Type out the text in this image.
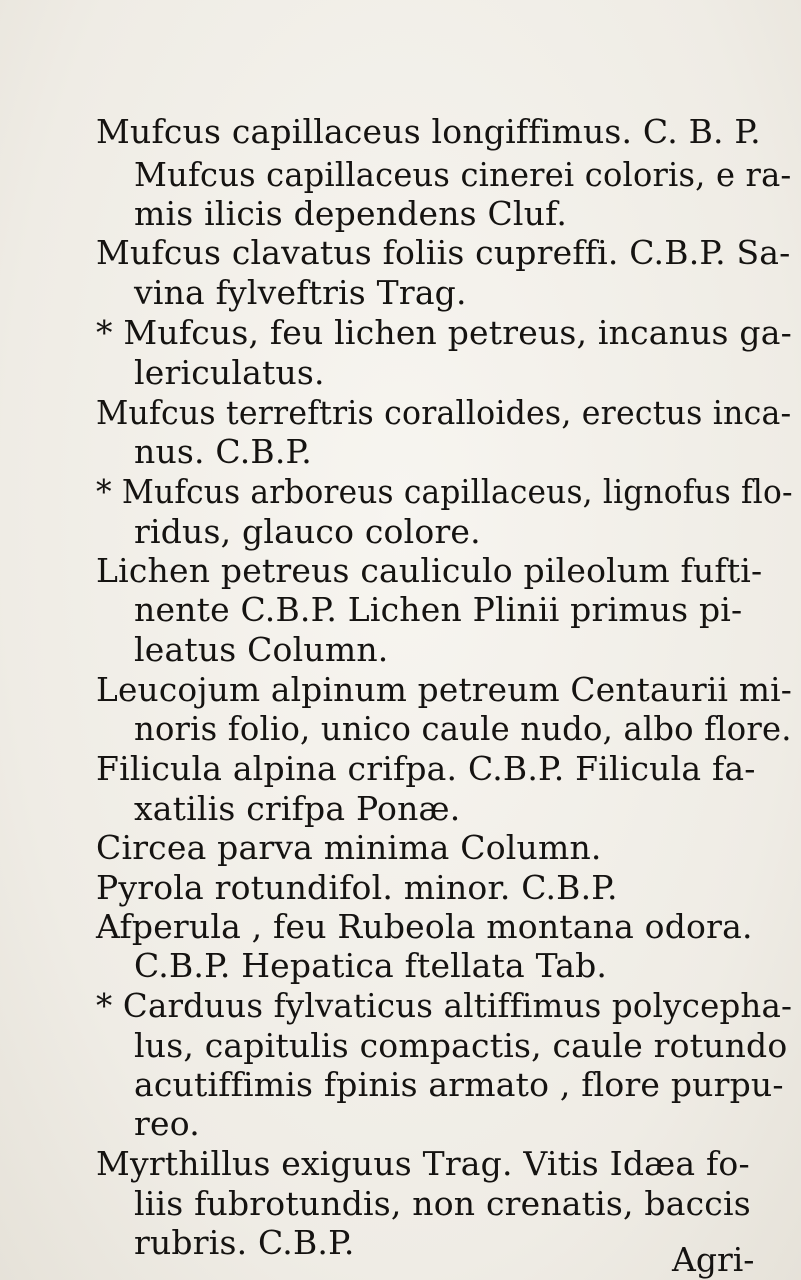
Mufcus capillaceus longiffimus. C. B. P.
Mufcus capillaceus cinerei coloris, e ra-
mis ilicis dependens Cluf.
Mufcus clavatus foliis cupreffi. C.B.P. Sa-
vina fylveftris Trag.
* Mufcus, feu lichen petreus, incanus ga-
lericulatus.
Mufcus terreftris coralloides, erectus inca-
nus. C.B.P.
* Mufcus arboreus capillaceus, lignofus flo-
ridus, glauco colore.
Lichen petreus cauliculo pileolum fufti-
nente C.B.P. Lichen Plinii primus pi-
leatus Column.
Leucojum alpinum petreum Centaurii mi-
noris folio, unico caule nudo, albo flore.
Filicula alpina crifpa. C.B.P. Filicula fa-
xatilis crifpa Ponæ.
Circea parva minima Column.
Pyrola rotundifol. minor. C.B.P.
Afperula , feu Rubeola montana odora.
C.B.P. Hepatica ftellata Tab.
* Carduus fylvaticus altiffimus polycepha-
lus, capitulis compactis, caule rotundo
acutiffimis fpinis armato , flore purpu-
reo.
Myrthillus exiguus Trag. Vitis Idæa fo-
liis fubrotundis, non crenatis, baccis
rubris. C.B.P.	Agri-
